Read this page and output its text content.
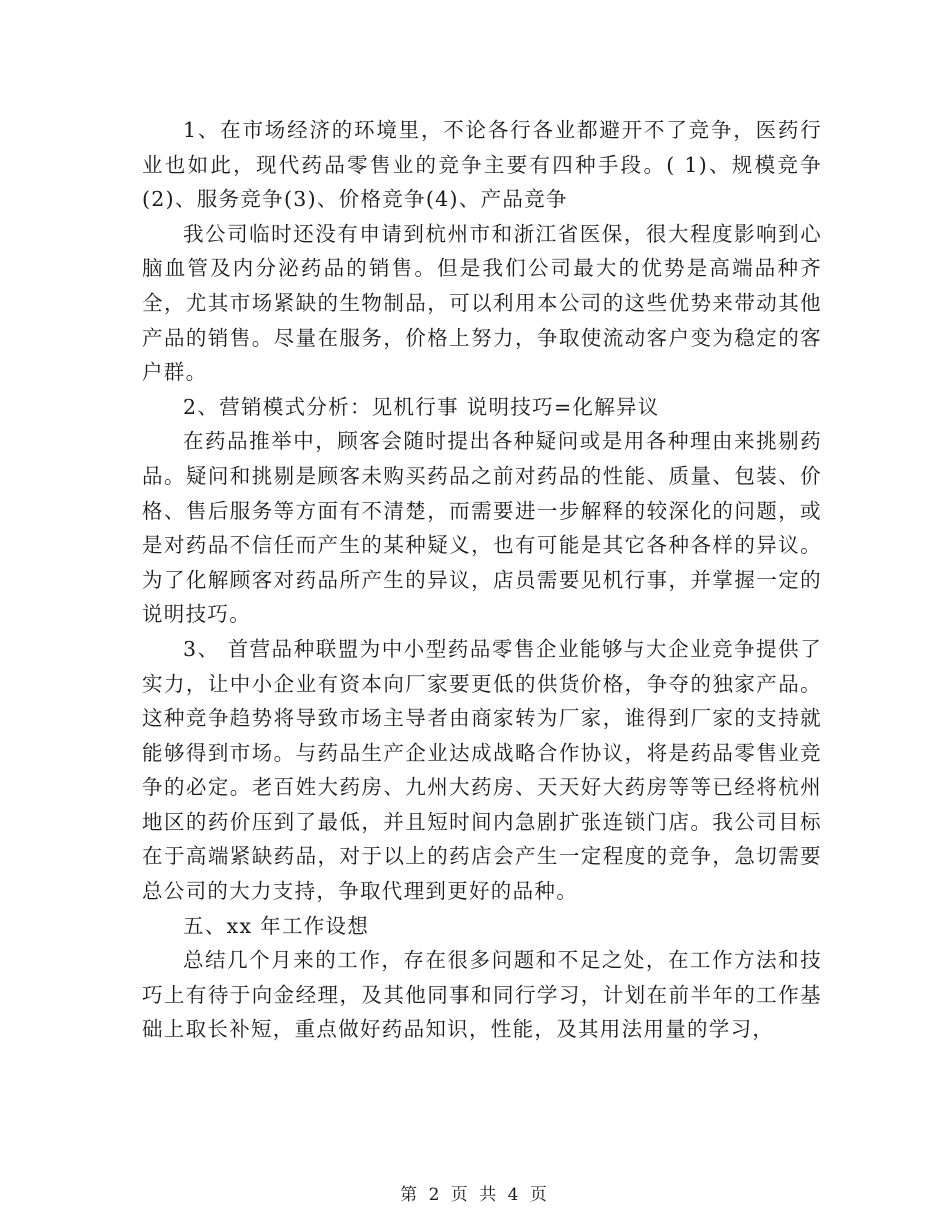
1、在市场经济的环境里，不论各行各业都避开不了竞争，医药行业也如此，现代药品零售业的竞争主要有四种手段。( 1)、规模竞争(2)、服务竞争(3)、价格竞争(4)、产品竞争

我公司临时还没有申请到杭州市和浙江省医保，很大程度影响到心脑血管及内分泌药品的销售。但是我们公司最大的优势是高端品种齐全，尤其市场紧缺的生物制品，可以利用本公司的这些优势来带动其他产品的销售。尽量在服务，价格上努力，争取使流动客户变为稳定的客户群。

2、营销模式分析：见机行事 说明技巧=化解异议

在药品推举中，顾客会随时提出各种疑问或是用各种理由来挑剔药品。疑问和挑剔是顾客未购买药品之前对药品的性能、质量、包装、价格、售后服务等方面有不清楚，而需要进一步解释的较深化的问题，或是对药品不信任而产生的某种疑义，也有可能是其它各种各样的异议。为了化解顾客对药品所产生的异议，店员需要见机行事，并掌握一定的说明技巧。

3、 首营品种联盟为中小型药品零售企业能够与大企业竞争提供了实力，让中小企业有资本向厂家要更低的供货价格，争夺的独家产品。这种竞争趋势将导致市场主导者由商家转为厂家，谁得到厂家的支持就能够得到市场。与药品生产企业达成战略合作协议，将是药品零售业竞争的必定。老百姓大药房、九州大药房、天天好大药房等等已经将杭州地区的药价压到了最低，并且短时间内急剧扩张连锁门店。我公司目标在于高端紧缺药品，对于以上的药店会产生一定程度的竞争，急切需要总公司的大力支持，争取代理到更好的品种。

五、xx 年工作设想

总结几个月来的工作，存在很多问题和不足之处，在工作方法和技巧上有待于向金经理，及其他同事和同行学习，计划在前半年的工作基础上取长补短，重点做好药品知识，性能，及其用法用量的学习，

第 2 页 共 4 页
